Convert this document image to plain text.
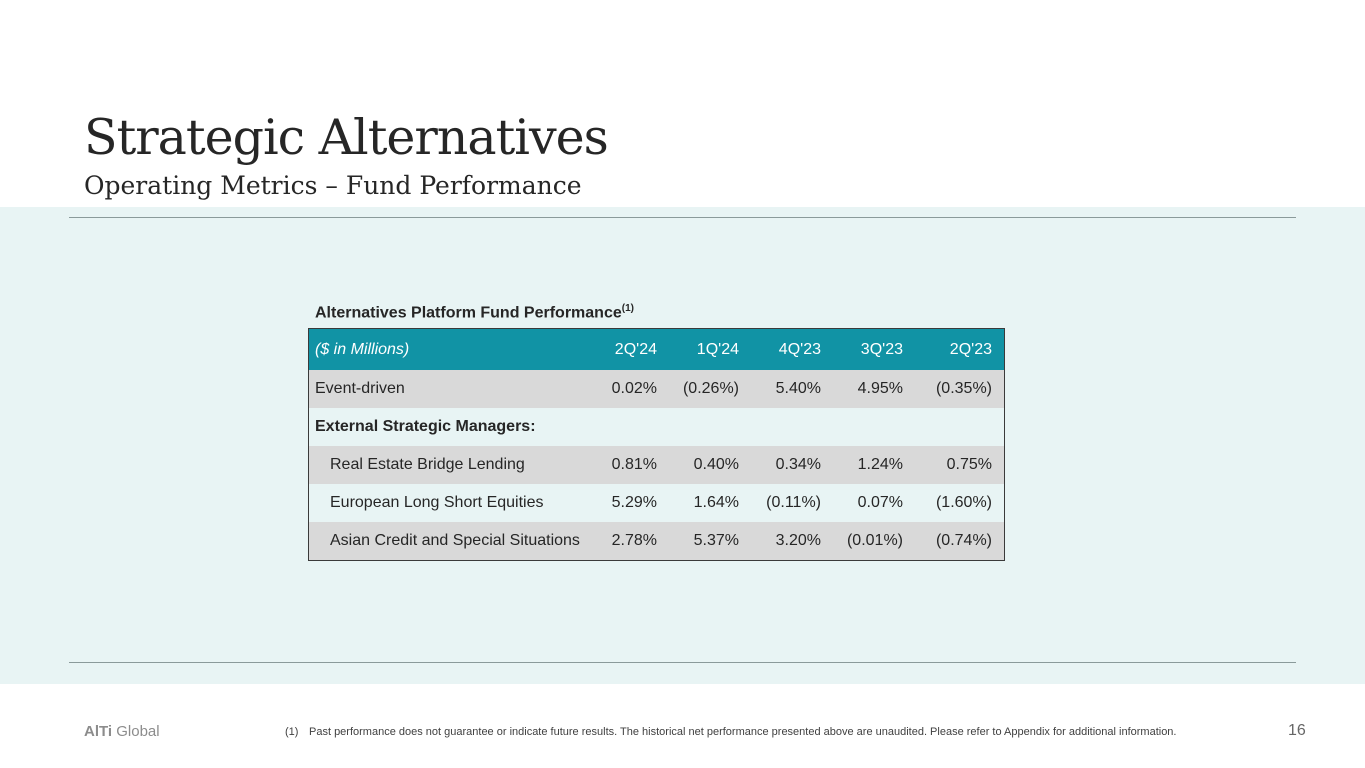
Strategic Alternatives
Operating Metrics – Fund Performance
Alternatives Platform Fund Performance$^{(1)}$
($ in Millions)	2Q'24	1Q'24	4Q'23	3Q'23	2Q'23
Event-driven	0.02%	(0.26%)	5.40%	4.95%	(0.35%)
External Strategic Managers:
Real Estate Bridge Lending	0.81%	0.40%	0.34%	1.24%	0.75%
European Long Short Equities	5.29%	1.64%	(0.11%)	0.07%	(1.60%)
Asian Credit and Special Situations	2.78%	5.37%	3.20%	(0.01%)	(0.74%)
AlTi Global	(1) Past performance does not guarantee or indicate future results. The historical net performance presented above are unaudited. Please refer to Appendix for additional information.	16
